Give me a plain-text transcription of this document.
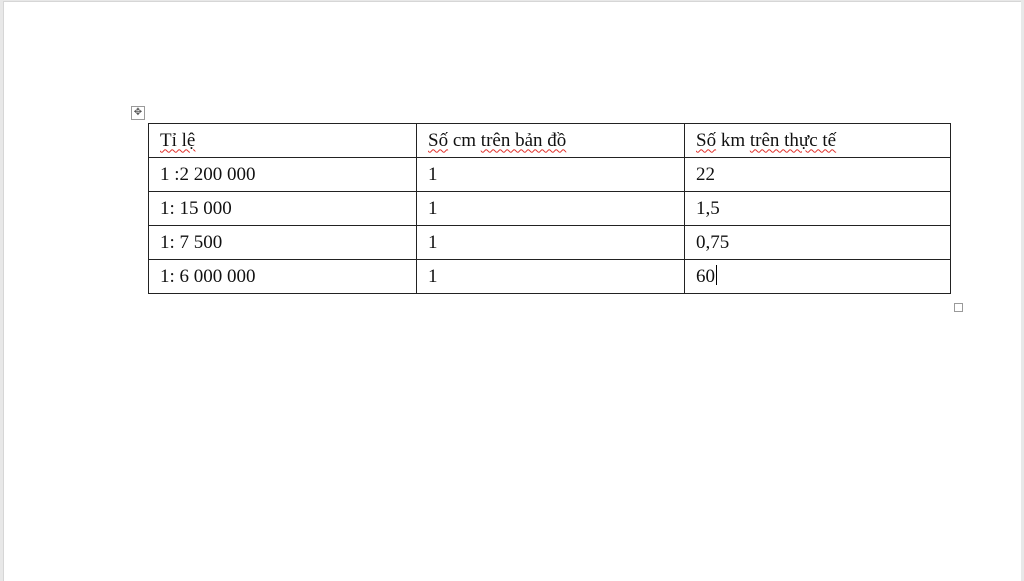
✥
Tỉ lệ	Số cm trên bản đồ	Số km trên thực tế
1 :2 200 000	1	22
1: 15 000	1	1,5
1: 7 500	1	0,75
1: 6 000 000	1	60
